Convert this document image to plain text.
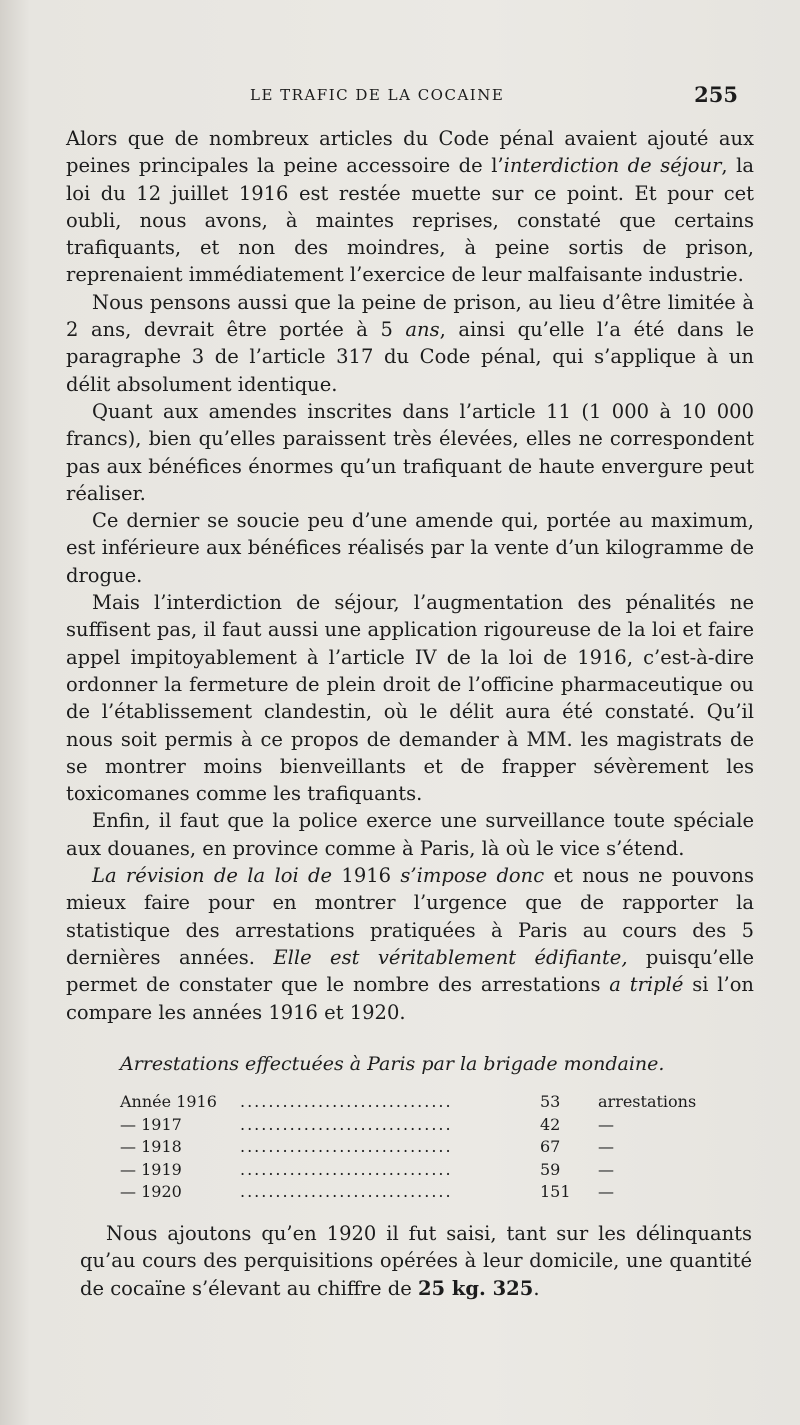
LE TRAFIC DE LA COCAINE	255

Alors que de nombreux articles du Code pénal avaient ajouté aux peines principales la peine accessoire de l’interdiction de séjour, la loi du 12 juillet 1916 est restée muette sur ce point. Et pour cet oubli, nous avons, à maintes reprises, constaté que certains trafiquants, et non des moindres, à peine sortis de prison, reprenaient immédiatement l’exercice de leur malfaisante industrie.

Nous pensons aussi que la peine de prison, au lieu d’être limitée à 2 ans, devrait être portée à 5 ans, ainsi qu’elle l’a été dans le paragraphe 3 de l’article 317 du Code pénal, qui s’applique à un délit absolument identique.

Quant aux amendes inscrites dans l’article 11 (1 000 à 10 000 francs), bien qu’elles paraissent très élevées, elles ne correspondent pas aux bénéfices énormes qu’un trafiquant de haute envergure peut réaliser.

Ce dernier se soucie peu d’une amende qui, portée au maximum, est inférieure aux bénéfices réalisés par la vente d’un kilogramme de drogue.

Mais l’interdiction de séjour, l’augmentation des pénalités ne suffisent pas, il faut aussi une application rigoureuse de la loi et faire appel impitoyablement à l’article IV de la loi de 1916, c’est-à-dire ordonner la fermeture de plein droit de l’officine pharmaceutique ou de l’établissement clandestin, où le délit aura été constaté. Qu’il nous soit permis à ce propos de demander à MM. les magistrats de se montrer moins bienveillants et de frapper sévèrement les toxicomanes comme les trafiquants.

Enfin, il faut que la police exerce une surveillance toute spéciale aux douanes, en province comme à Paris, là où le vice s’étend.

La révision de la loi de 1916 s’impose donc et nous ne pouvons mieux faire pour en montrer l’urgence que de rapporter la statistique des arrestations pratiquées à Paris au cours des 5 dernières années. Elle est véritablement édifiante, puisqu’elle permet de constater que le nombre des arrestations a triplé si l’on compare les années 1916 et 1920.

Arrestations effectuées à Paris par la brigade mondaine.
Année 1916 ..............................	53	arrestations
— 1917	..............................	42	—
— 1918	..............................	67	—
— 1919	..............................	59	—
— 1920	..............................	151	—

Nous ajoutons qu’en 1920 il fut saisi, tant sur les délinquants qu’au cours des perquisitions opérées à leur domicile, une quantité de cocaïne s’élevant au chiffre de 25 kg. 325.
